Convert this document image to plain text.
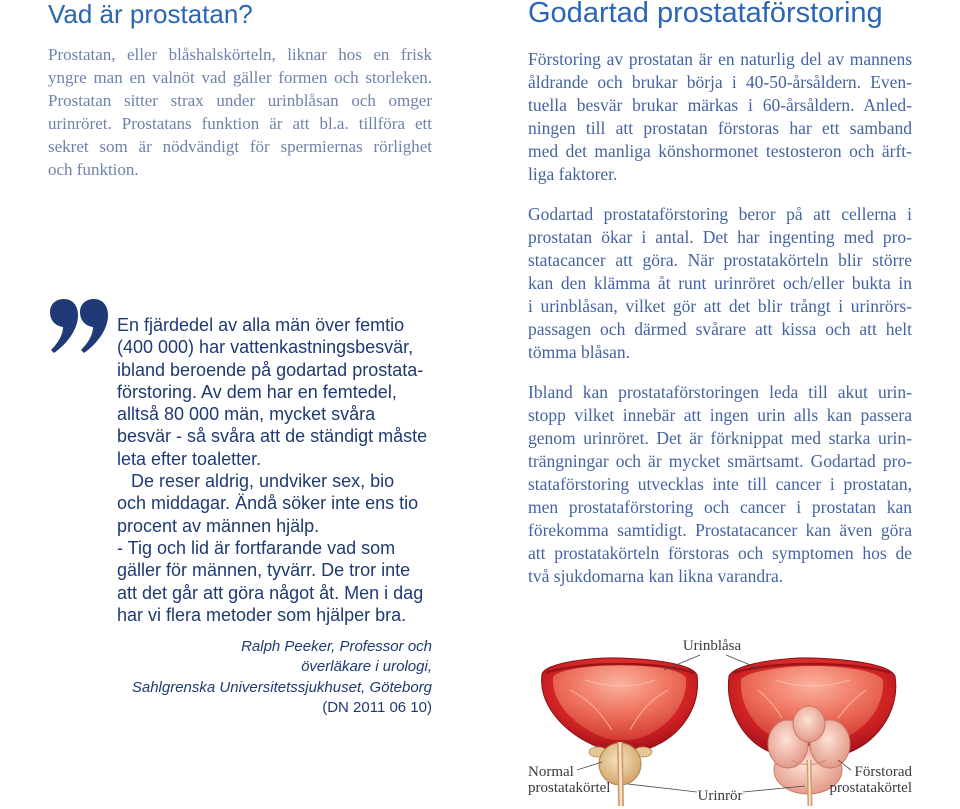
Vad är prostatan?
Prostatan, eller blåshalskörteln, liknar hos en frisk
yngre man en valnöt vad gäller formen och storleken.
Prostatan sitter strax under urinblåsan och omger
urinröret. Prostatans funktion är att bl.a. tillföra ett
sekret som är nödvändigt för spermiernas rörlighet
och funktion.
En fjärdedel av alla män över femtio
(400 000) har vattenkastningsbesvär,
ibland beroende på godartad prostata-
förstoring. Av dem har en femtedel,
alltså 80 000 män, mycket svåra
besvär - så svåra att de ständigt måste
leta efter toaletter.
De reser aldrig, undviker sex, bio
och middagar. Ändå söker inte ens tio
procent av männen hjälp.
- Tig och lid är fortfarande vad som
gäller för männen, tyvärr. De tror inte
att det går att göra något åt. Men i dag
har vi flera metoder som hjälper bra.
Ralph Peeker, Professor och
överläkare i urologi,
Sahlgrenska Universitetssjukhuset, Göteborg
(DN 2011 06 10)
Godartad prostataförstoring
Förstoring av prostatan är en naturlig del av mannens
åldrande och brukar börja i 40-50-årsåldern. Even-
tuella besvär brukar märkas i 60-årsåldern. Anled-
ningen till att prostatan förstoras har ett samband
med det manliga könshormonet testosteron och ärft-
liga faktorer.
Godartad prostataförstoring beror på att cellerna i
prostatan ökar i antal. Det har ingenting med pro-
statacancer att göra. När prostatakörteln blir större
kan den klämma åt runt urinröret och/eller bukta in
i urinblåsan, vilket gör att det blir trångt i urinrörs-
passagen och därmed svårare att kissa och att helt
tömma blåsan.
Ibland kan prostataförstoringen leda till akut urin-
stopp vilket innebär att ingen urin alls kan passera
genom urinröret. Det är förknippat med starka urin-
trängningar och är mycket smärtsamt. Godartad pro-
stataförstoring utvecklas inte till cancer i prostatan,
men prostataförstoring och cancer i prostatan kan
förekomma samtidigt. Prostatacancer kan även göra
att prostatakörteln förstoras och symptomen hos de
två sjukdomarna kan likna varandra.
Urinblåsa
Normal
prostatakörtel	Urinrör
Förstorad
prostatakörtel
